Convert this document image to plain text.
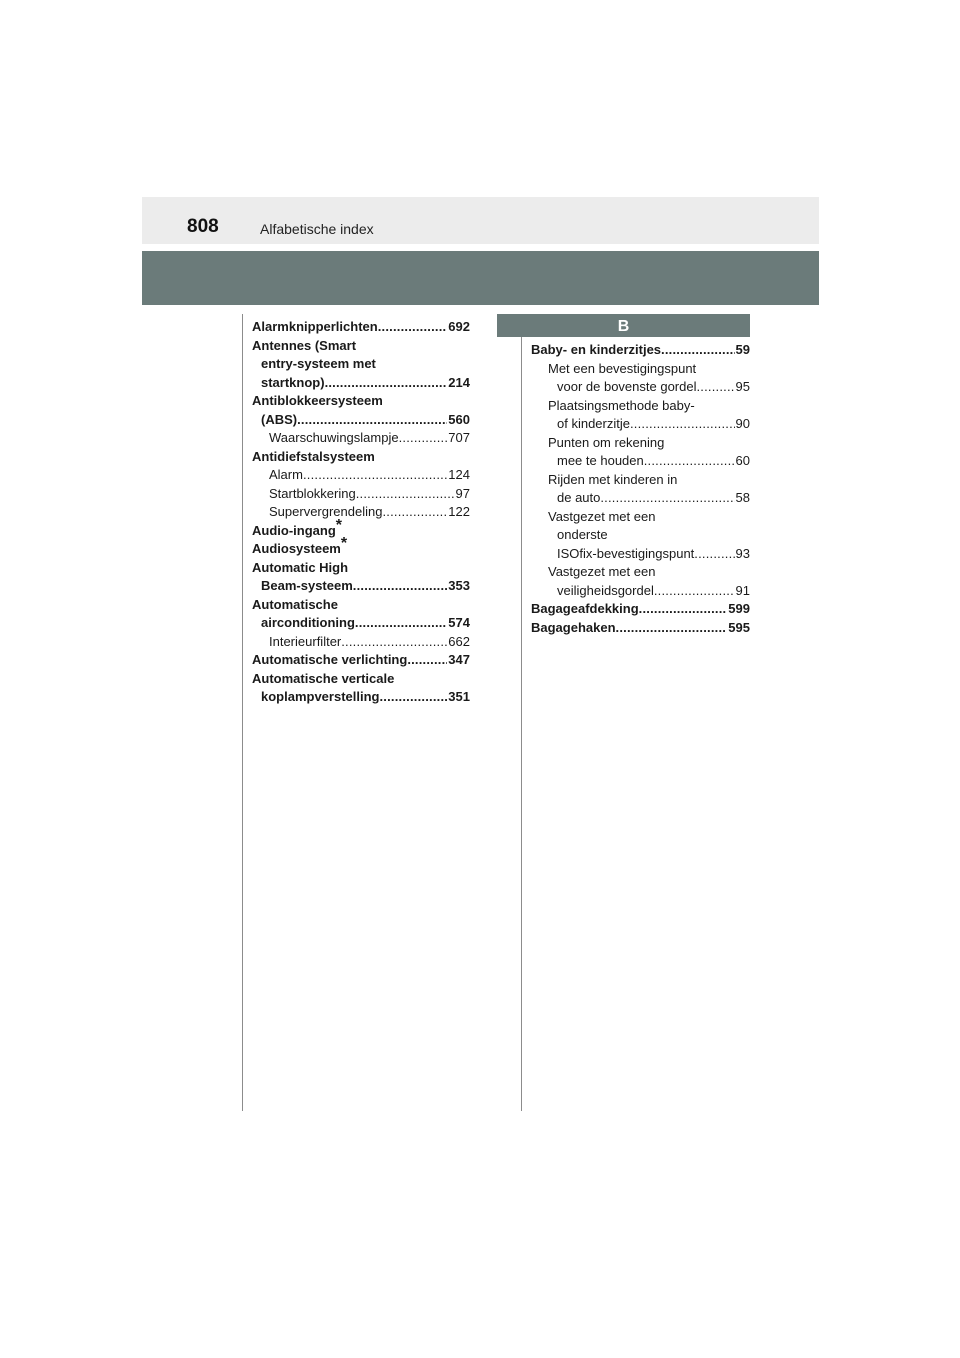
808	Alfabetische index
B
Alarmknipperlichten .....	692
Antennes (Smart
entry-systeem met
startknop) .....	214
Antiblokkeersysteem
(ABS) .....	560
Waarschuwingslampje .....	707
Antidiefstalsysteem
Alarm .....	124
Startblokkering .....	97
Supervergrendeling .....	122
Audio-ingang *
Audiosysteem *
Automatic High
Beam-systeem .....	353
Automatische
airconditioning .....	574
Interieurfilter .....	662
Automatische verlichting .....	347
Automatische verticale
koplampverstelling .....	351
Baby- en kinderzitjes .....	59
Met een bevestigingspunt
voor de bovenste gordel .....	95
Plaatsingsmethode baby-
of kinderzitje .....	90
Punten om rekening
mee te houden .....	60
Rijden met kinderen in
de auto .....	58
Vastgezet met een
onderste
ISOfix-bevestigingspunt .....	93
Vastgezet met een
veiligheidsgordel .....	91
Bagageafdekking .....	599
Bagagehaken .....	595
